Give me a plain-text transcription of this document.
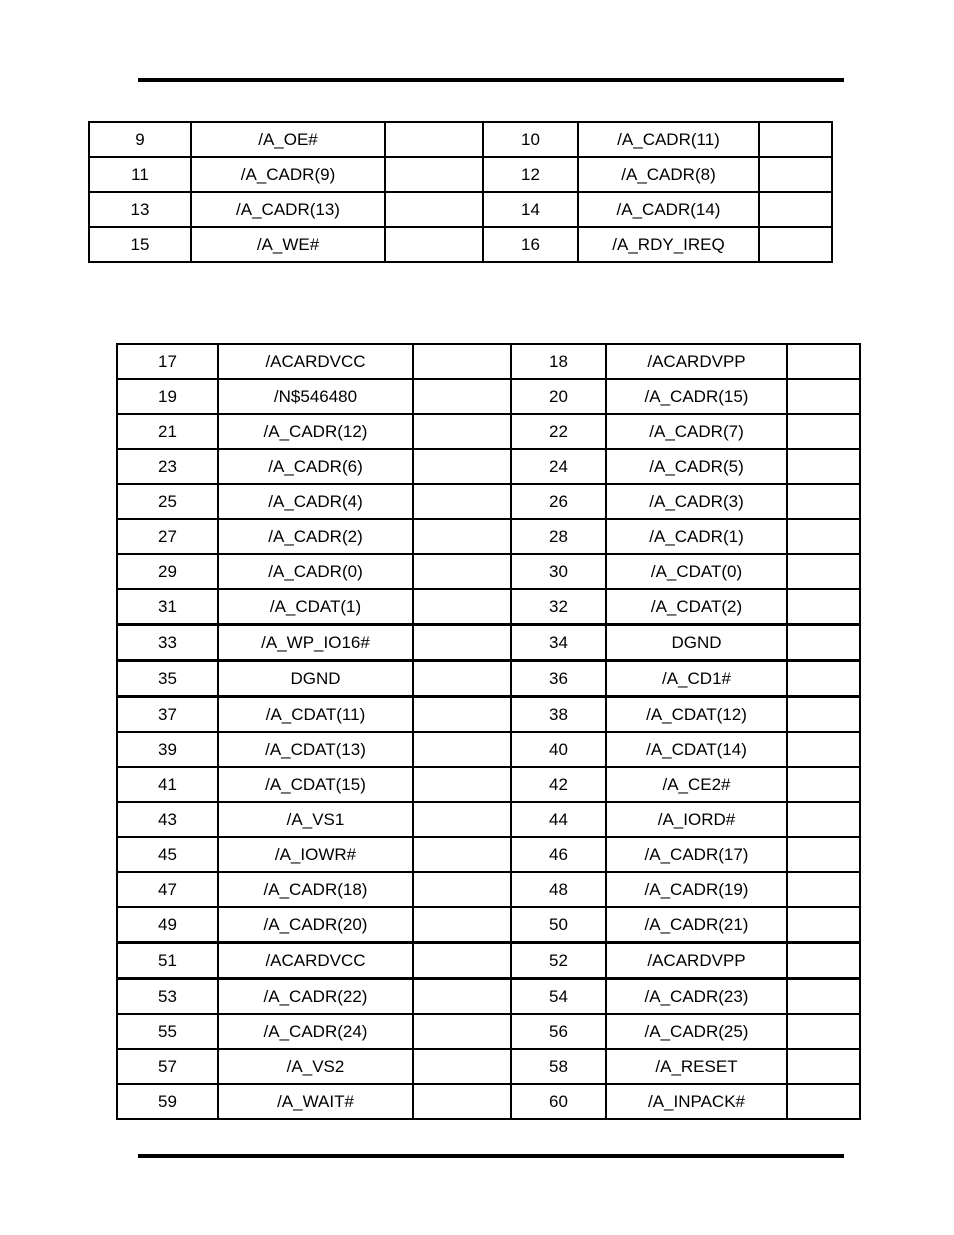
9	/A_OE#		10	/A_CADR(11)	
11	/A_CADR(9)		12	/A_CADR(8)	
13	/A_CADR(13)		14	/A_CADR(14)	
15	/A_WE#		16	/A_RDY_IREQ	
17	/ACARDVCC		18	/ACARDVPP	
19	/N$546480		20	/A_CADR(15)	
21	/A_CADR(12)		22	/A_CADR(7)	
23	/A_CADR(6)		24	/A_CADR(5)	
25	/A_CADR(4)		26	/A_CADR(3)	
27	/A_CADR(2)		28	/A_CADR(1)	
29	/A_CADR(0)		30	/A_CDAT(0)	
31	/A_CDAT(1)		32	/A_CDAT(2)	
33	/A_WP_IO16#		34	DGND	
35	DGND		36	/A_CD1#	
37	/A_CDAT(11)		38	/A_CDAT(12)	
39	/A_CDAT(13)		40	/A_CDAT(14)	
41	/A_CDAT(15)		42	/A_CE2#	
43	/A_VS1		44	/A_IORD#	
45	/A_IOWR#		46	/A_CADR(17)	
47	/A_CADR(18)		48	/A_CADR(19)	
49	/A_CADR(20)		50	/A_CADR(21)	
51	/ACARDVCC		52	/ACARDVPP	
53	/A_CADR(22)		54	/A_CADR(23)	
55	/A_CADR(24)		56	/A_CADR(25)	
57	/A_VS2		58	/A_RESET	
59	/A_WAIT#		60	/A_INPACK#	
